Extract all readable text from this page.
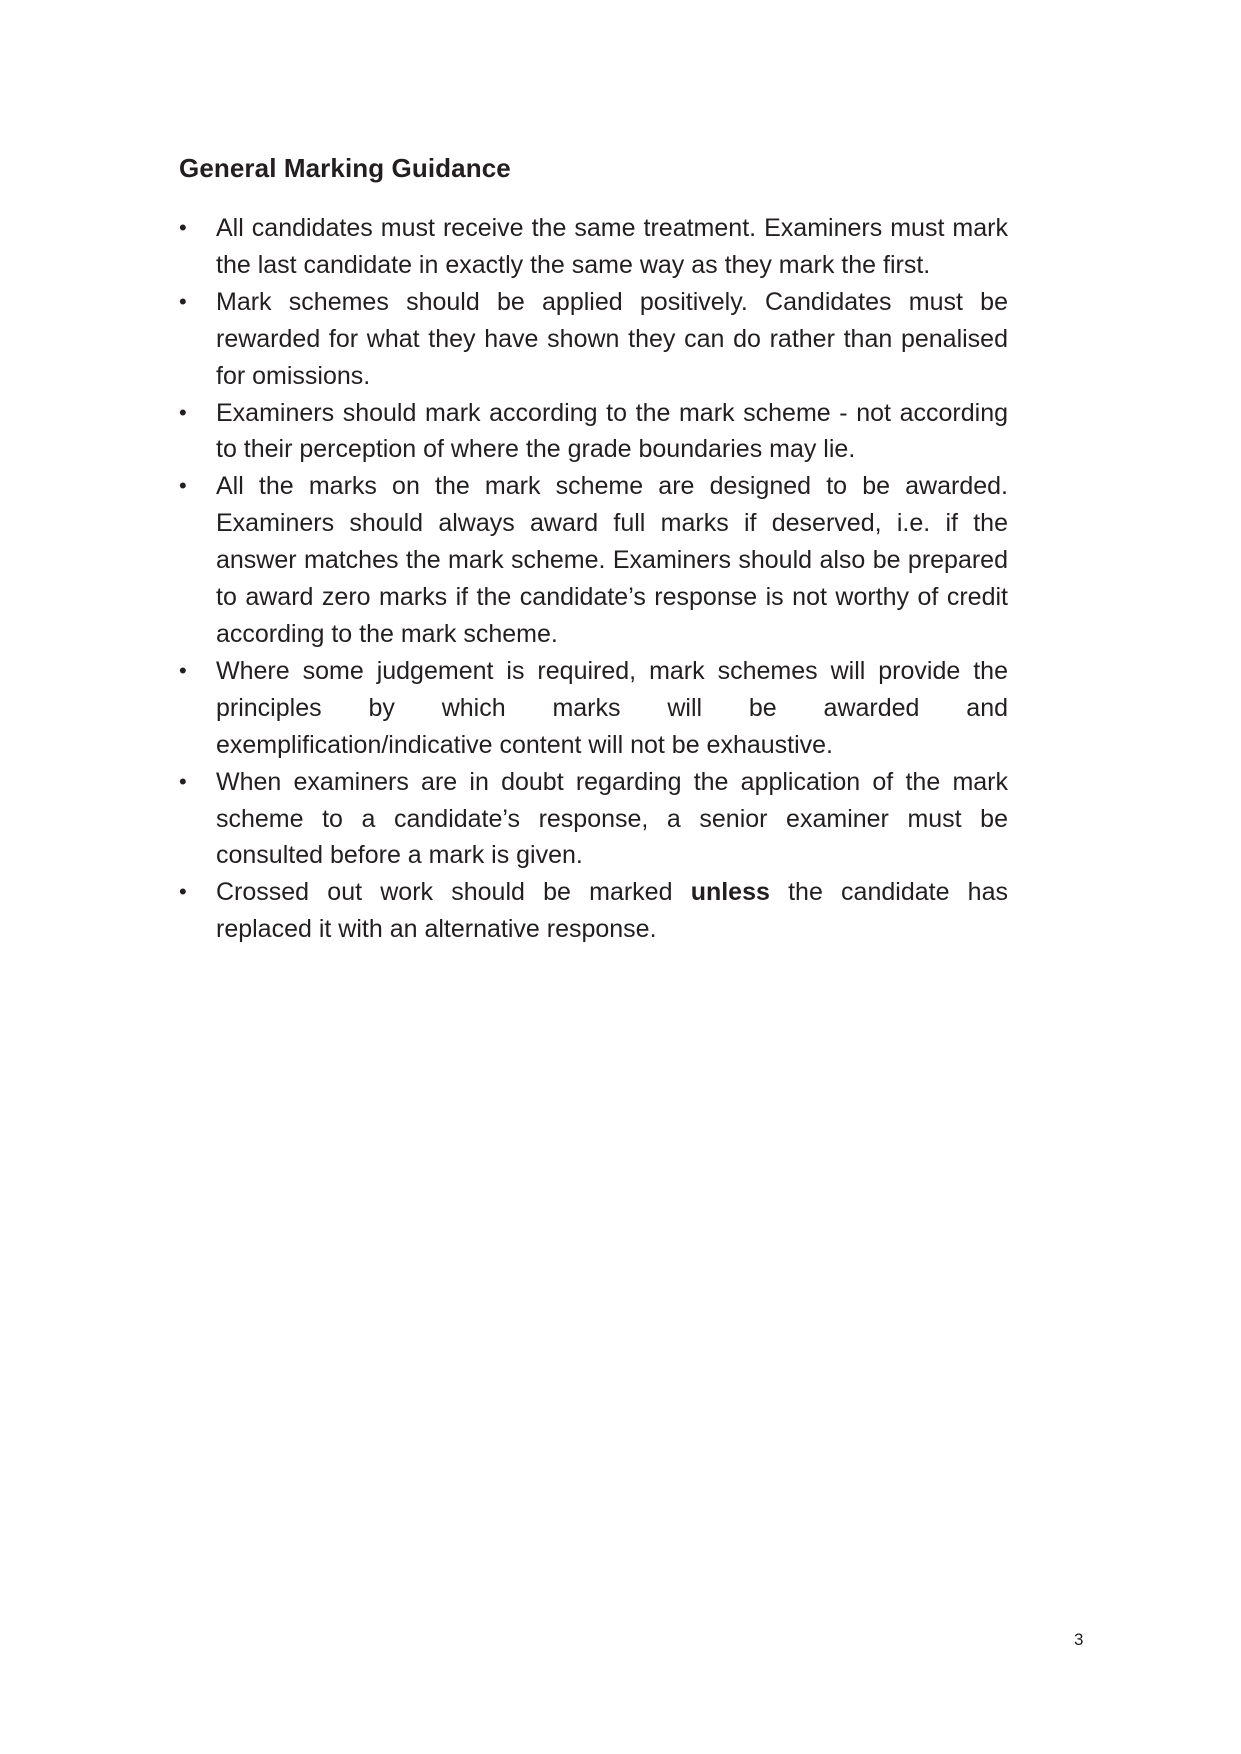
General Marking Guidance
•	All candidates must receive the same treatment. Examiners must mark the last candidate in exactly the same way as they mark the first.
•	Mark schemes should be applied positively. Candidates must be rewarded for what they have shown they can do rather than penalised for omissions.
•	Examiners should mark according to the mark scheme - not according to their perception of where the grade boundaries may lie.
•	All the marks on the mark scheme are designed to be awarded. Examiners should always award full marks if deserved, i.e. if the answer matches the mark scheme. Examiners should also be prepared to award zero marks if the candidate’s response is not worthy of credit according to the mark scheme.
•	Where some judgement is required, mark schemes will provide the principles by which marks will be awarded and exemplification/indicative content will not be exhaustive.
•	When examiners are in doubt regarding the application of the mark scheme to a candidate’s response, a senior examiner must be consulted before a mark is given.
•	Crossed out work should be marked unless the candidate has replaced it with an alternative response.
3
